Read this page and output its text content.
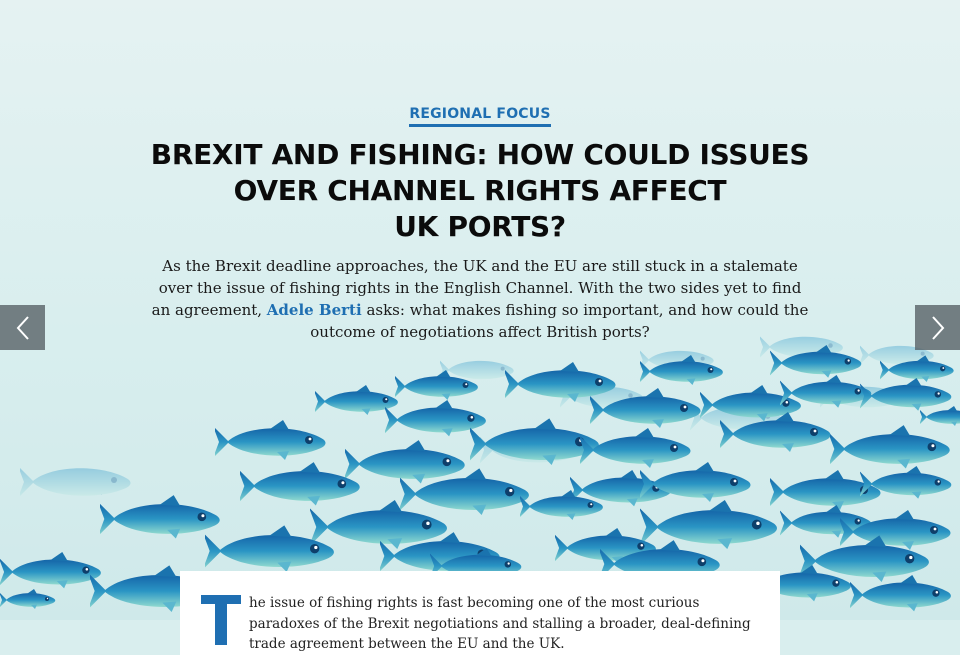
REGIONAL FOCUS
BREXIT AND FISHING: HOW COULD ISSUES
OVER CHANNEL RIGHTS AFFECT
UK PORTS?

As the Brexit deadline approaches, the UK and the EU are still stuck in a stalemate over the issue of fishing rights in the English Channel. With the two sides yet to find an agreement, Adele Berti asks: what makes fishing so important, and how could the outcome of negotiations affect British ports?

T

he issue of fishing rights is fast becoming one of the most curious paradoxes of the Brexit negotiations and stalling a broader, deal-defining trade agreement between the EU and the UK.
